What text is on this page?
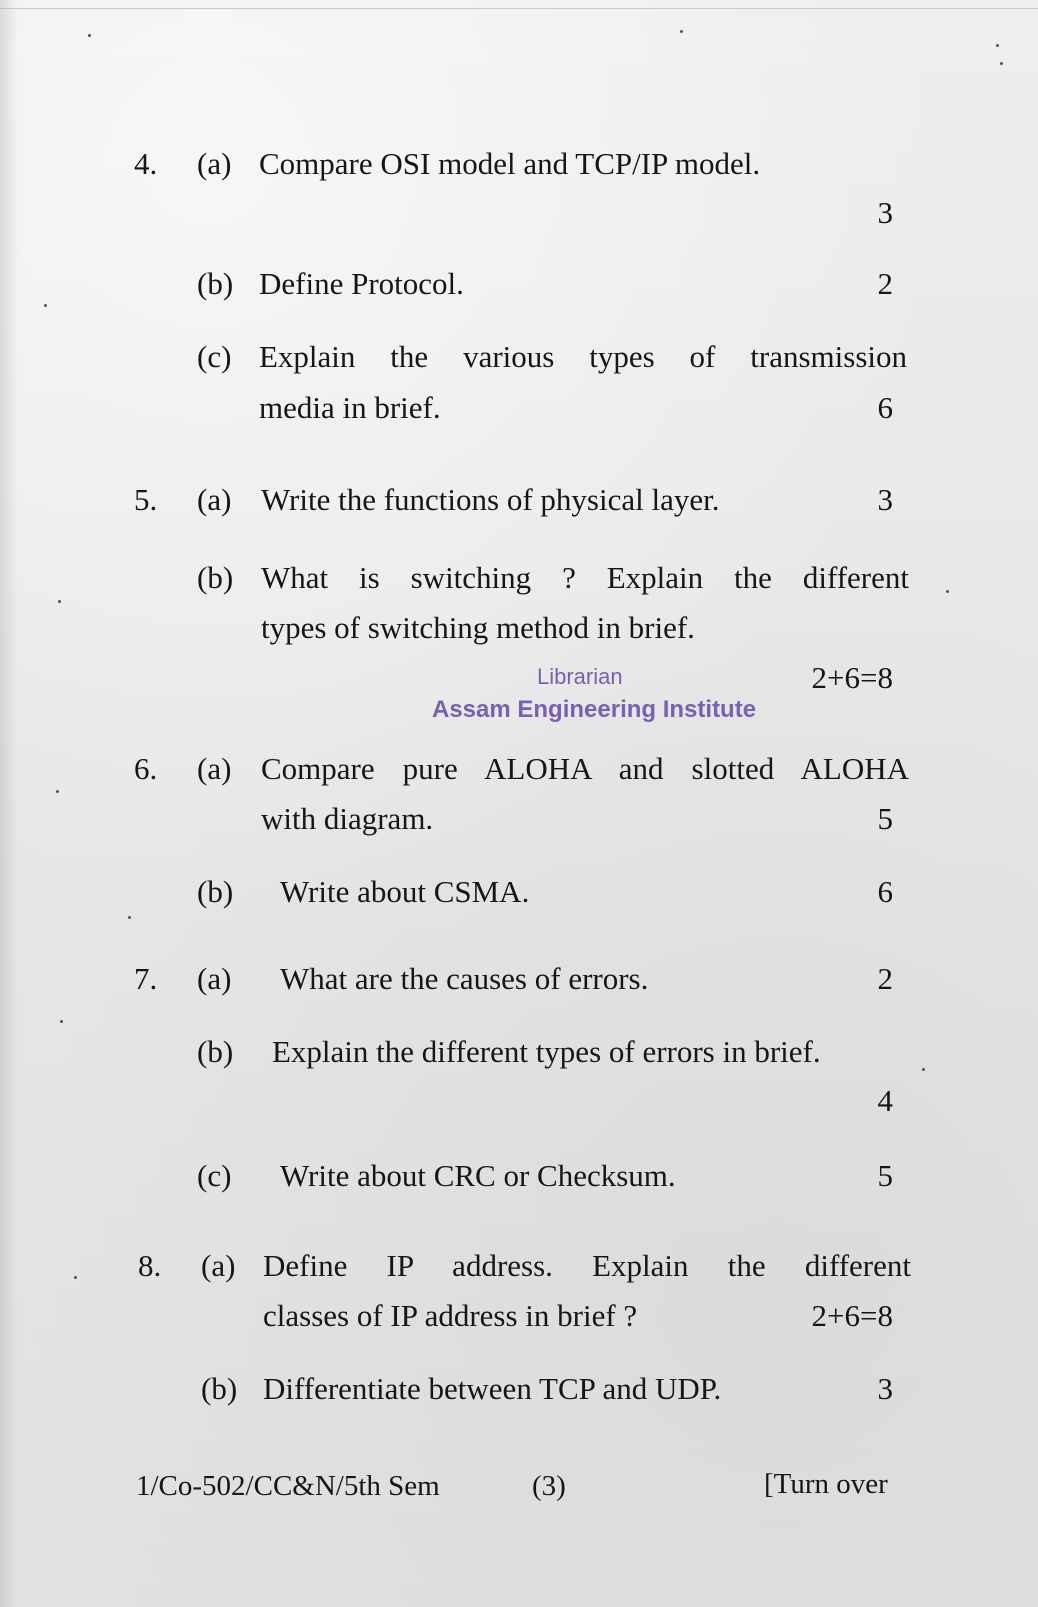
4.	(a) Compare OSI model and TCP/IP model.
3
(b) Define Protocol.	2
(c) Explain the various types of transmission
media in brief.	6
5.	(a) Write the functions of physical layer.	3
(b) What is switching ? Explain the different
types of switching method in brief.
Librarian	2+6=8
Assam Engineering Institute
6.	(a) Compare pure ALOHA and slotted ALOHA
with diagram.	5
(b)	Write about CSMA.	6
7.	(a)	What are the causes of errors.	2
(b)	Explain the different types of errors in brief.
4
(c)	Write about CRC or Checksum.	5
8.	(a) Define IP address. Explain the different
classes of IP address in brief ?	2+6=8
(b) Differentiate between TCP and UDP.	3
1/Co-502/CC&N/5th Sem	(3)	[Turn over
